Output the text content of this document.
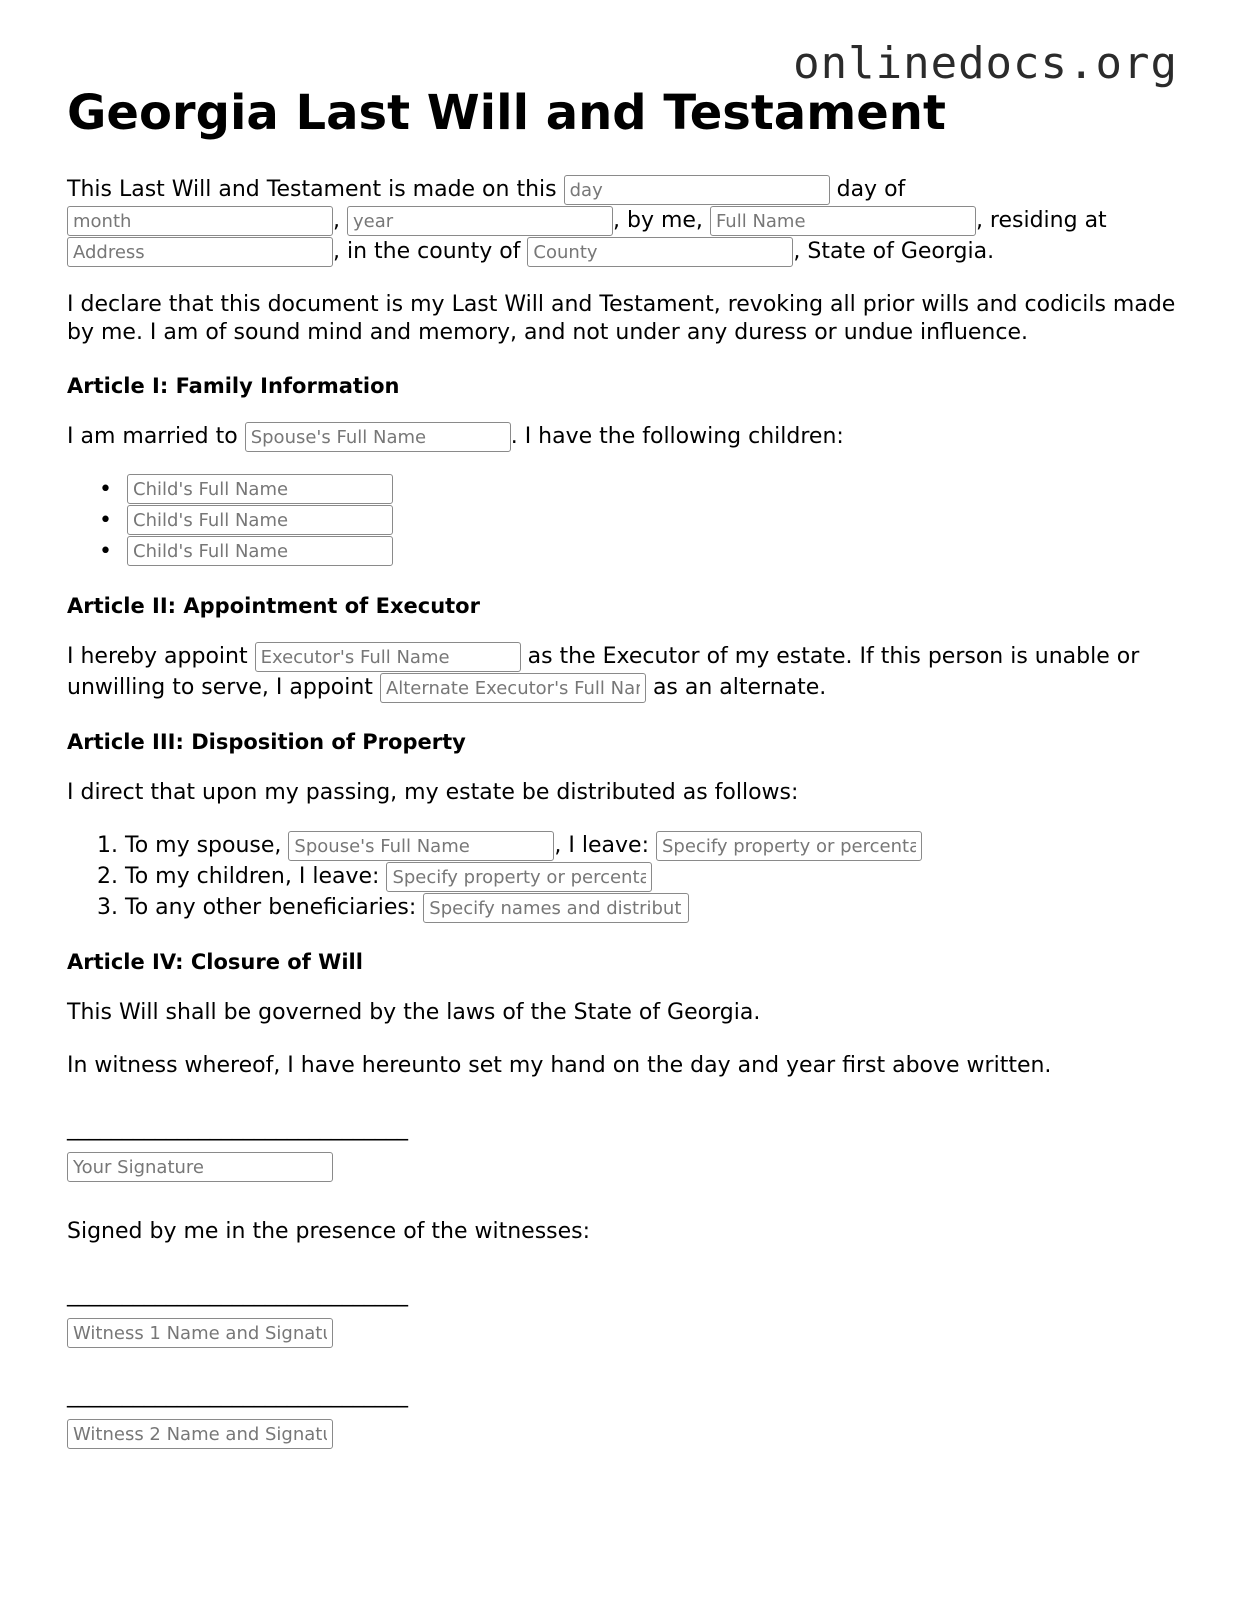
onlinedocs.org
Georgia Last Will and Testament

This Last Will and Testament is made on this day	day of month, year	, by me, Full Name	, residing at Address, in the county of County	, State of Georgia.

I declare that this document is my Last Will and Testament, revoking all prior wills and codicils made by me. I am of sound mind and memory, and not under any duress or undue influence.

Article I: Family Information

I am married to Spouse's Full Name	. I have the following children:

•
Child's Full Name
•
Child's Full Name
•
Child's Full Name
Article II: Appointment of Executor

I hereby appoint Executor's Full Name	as the Executor of my estate. If this person is unable or unwilling to serve, I appoint Alternate Executor's Full Name	as an alternate.

Article III: Disposition of Property

I direct that upon my passing, my estate be distributed as follows:

1. To my spouse, Spouse's Full Name	, I leave: Specify property or percentage
2. To my children, I leave: Specify property or percentage
3. To any other beneficiaries: Specify names and distribution
Article IV: Closure of Will

This Will shall be governed by the laws of the State of Georgia.

In witness whereof, I have hereunto set my hand on the day and year first above written.

_______________________________
Your Signature

Signed by me in the presence of the witnesses:

_______________________________
Witness 1 Name and Signature
_______________________________
Witness 2 Name and Signature
